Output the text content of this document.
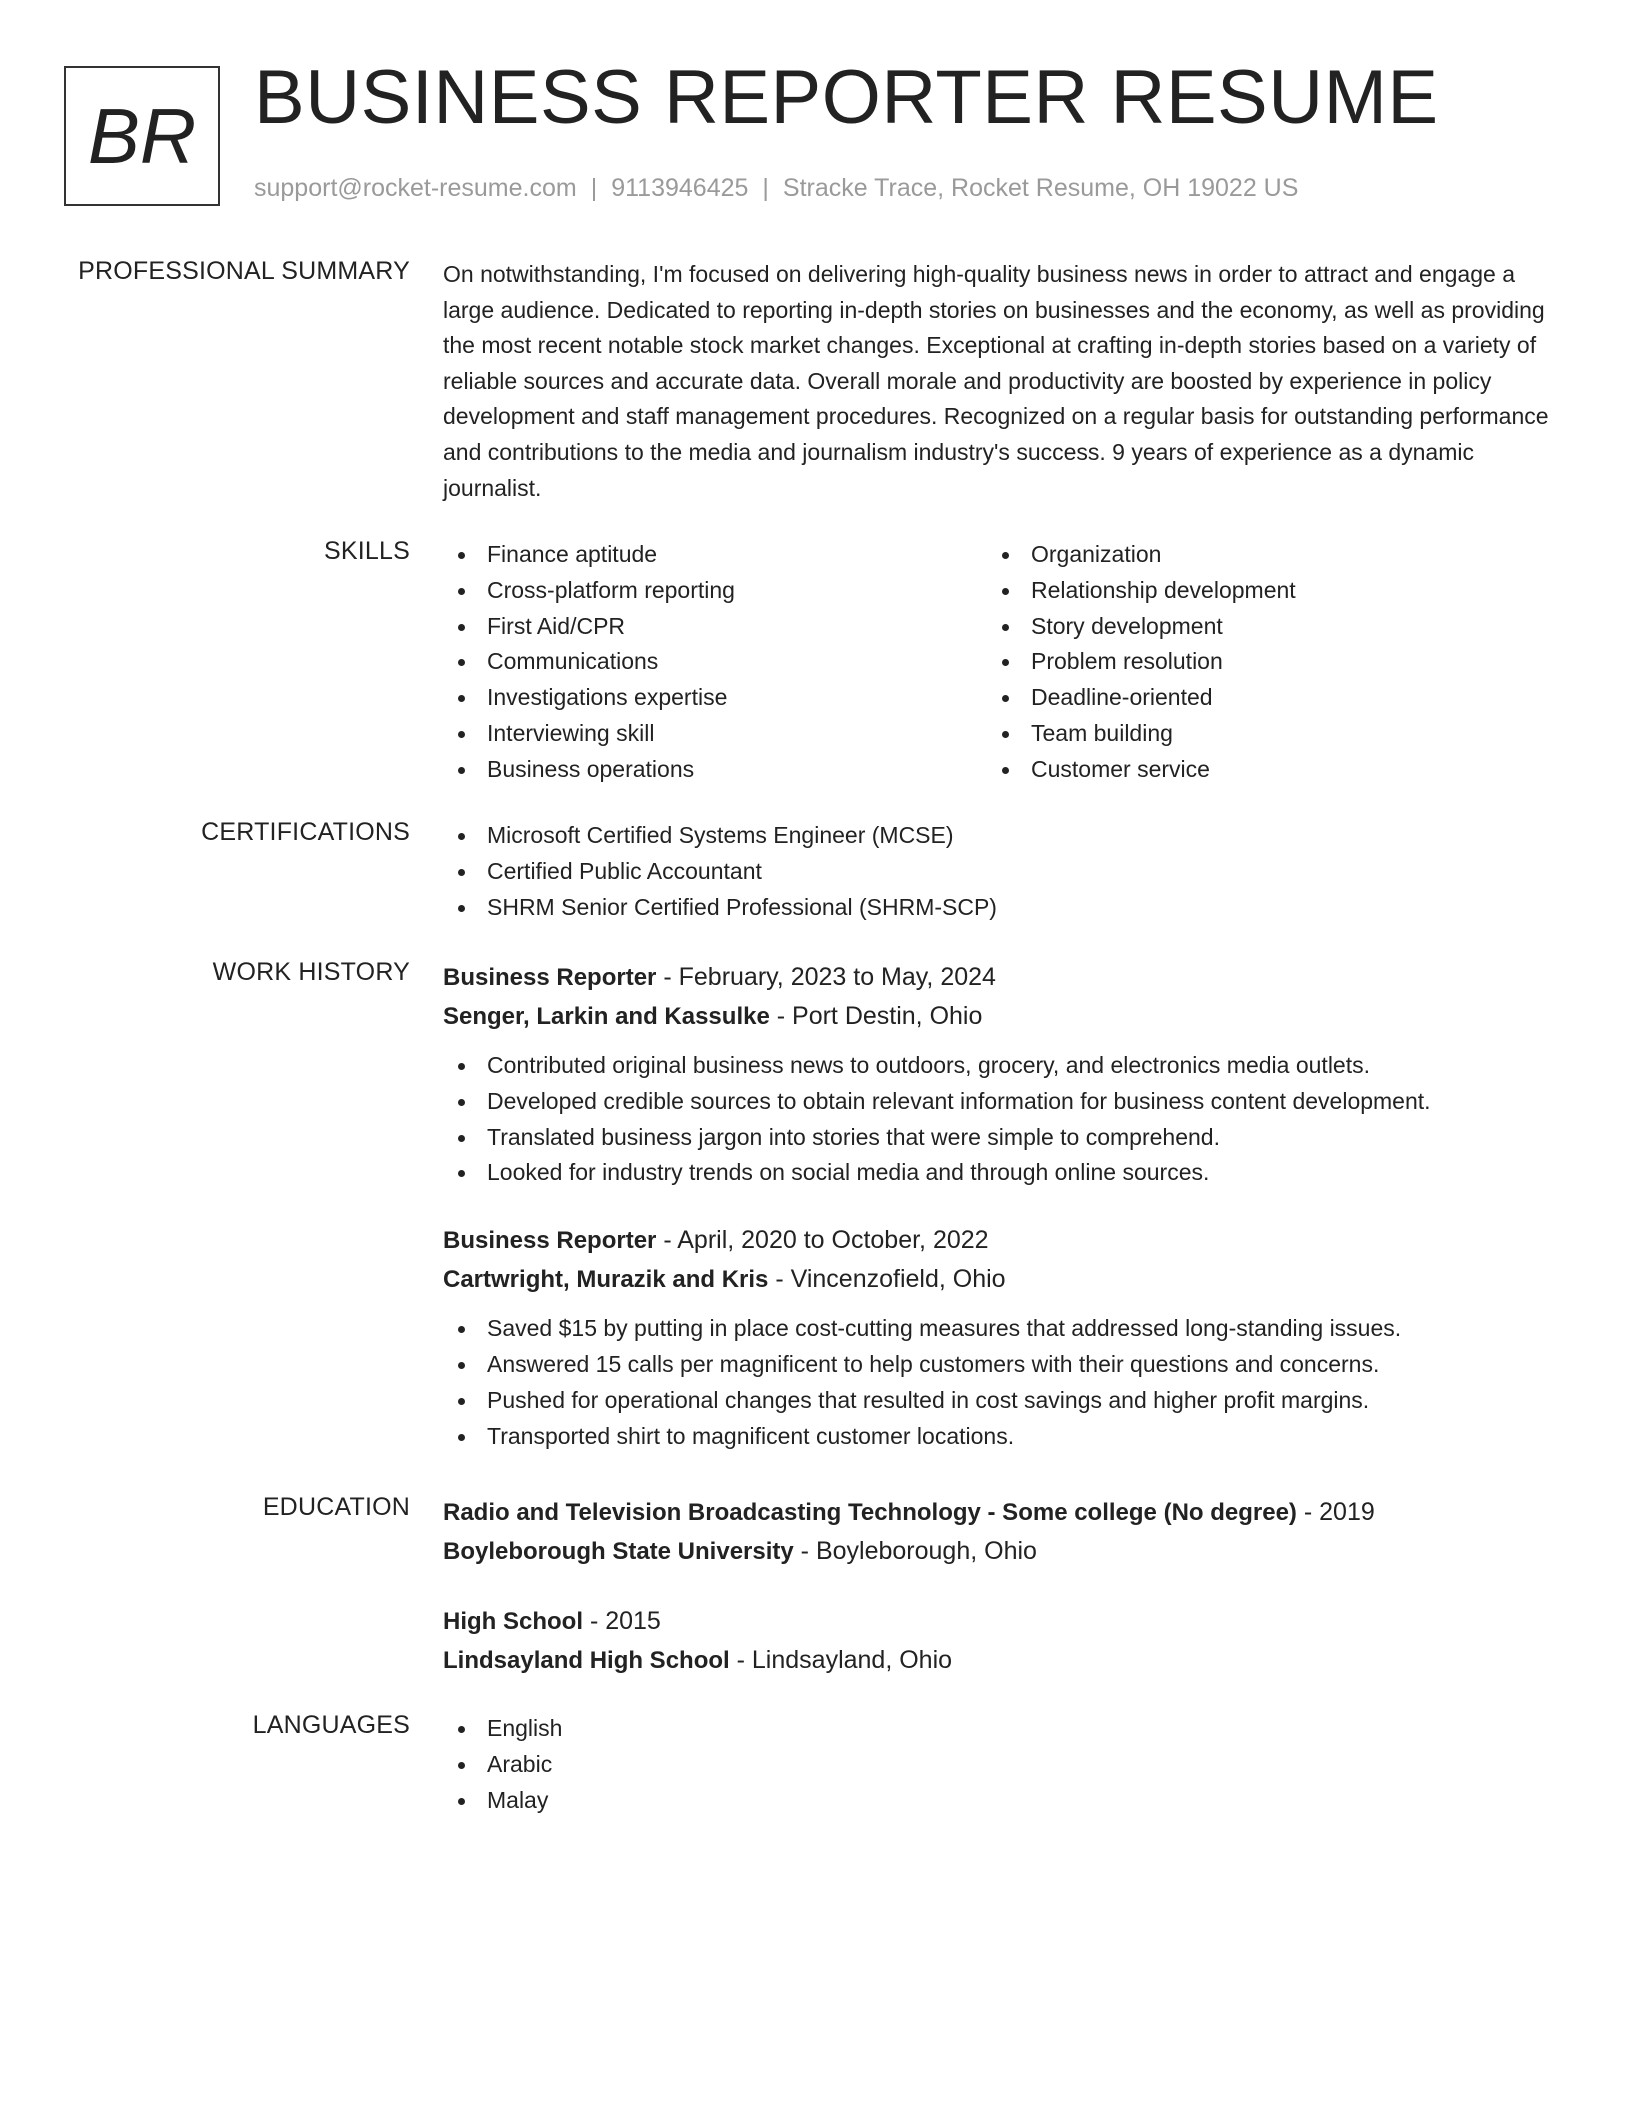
BR BUSINESS REPORTER RESUME
support@rocket-resume.com | 9113946425 | Stracke Trace, Rocket Resume, OH 19022 US
PROFESSIONAL SUMMARY On notwithstanding, I'm focused on delivering high-quality business news in order to attract and engage a large audience. Dedicated to reporting in-depth stories on businesses and the economy, as well as providing the most recent notable stock market changes. Exceptional at crafting in-depth stories based on a variety of reliable sources and accurate data. Overall morale and productivity are boosted by experience in policy development and staff management procedures. Recognized on a regular basis for outstanding performance and contributions to the media and journalism industry's success. 9 years of experience as a dynamic journalist.

SKILLS	Finance aptitude
Cross-platform reporting
First Aid/CPR
Communications
Investigations expertise
Interviewing skill
Business operations
Organization
Relationship development
Story development
Problem resolution
Deadline-oriented
Team building
Customer service
CERTIFICATIONS	Microsoft Certified Systems Engineer (MCSE)
Certified Public Accountant
SHRM Senior Certified Professional (SHRM-SCP)
WORK HISTORY Business Reporter - February, 2023 to May, 2024
Senger, Larkin and Kassulke - Port Destin, Ohio
Contributed original business news to outdoors, grocery, and electronics media outlets.
Developed credible sources to obtain relevant information for business content development.
Translated business jargon into stories that were simple to comprehend.
Looked for industry trends on social media and through online sources.
Business Reporter - April, 2020 to October, 2022
Cartwright, Murazik and Kris - Vincenzofield, Ohio
Saved $15 by putting in place cost-cutting measures that addressed long-standing issues.
Answered 15 calls per magnificent to help customers with their questions and concerns.
Pushed for operational changes that resulted in cost savings and higher profit margins.
Transported shirt to magnificent customer locations.
EDUCATION Radio and Television Broadcasting Technology - Some college (No degree) - 2019
Boyleborough State University - Boyleborough, Ohio
High School - 2015
Lindsayland High School - Lindsayland, Ohio
LANGUAGES	English
Arabic
Malay
